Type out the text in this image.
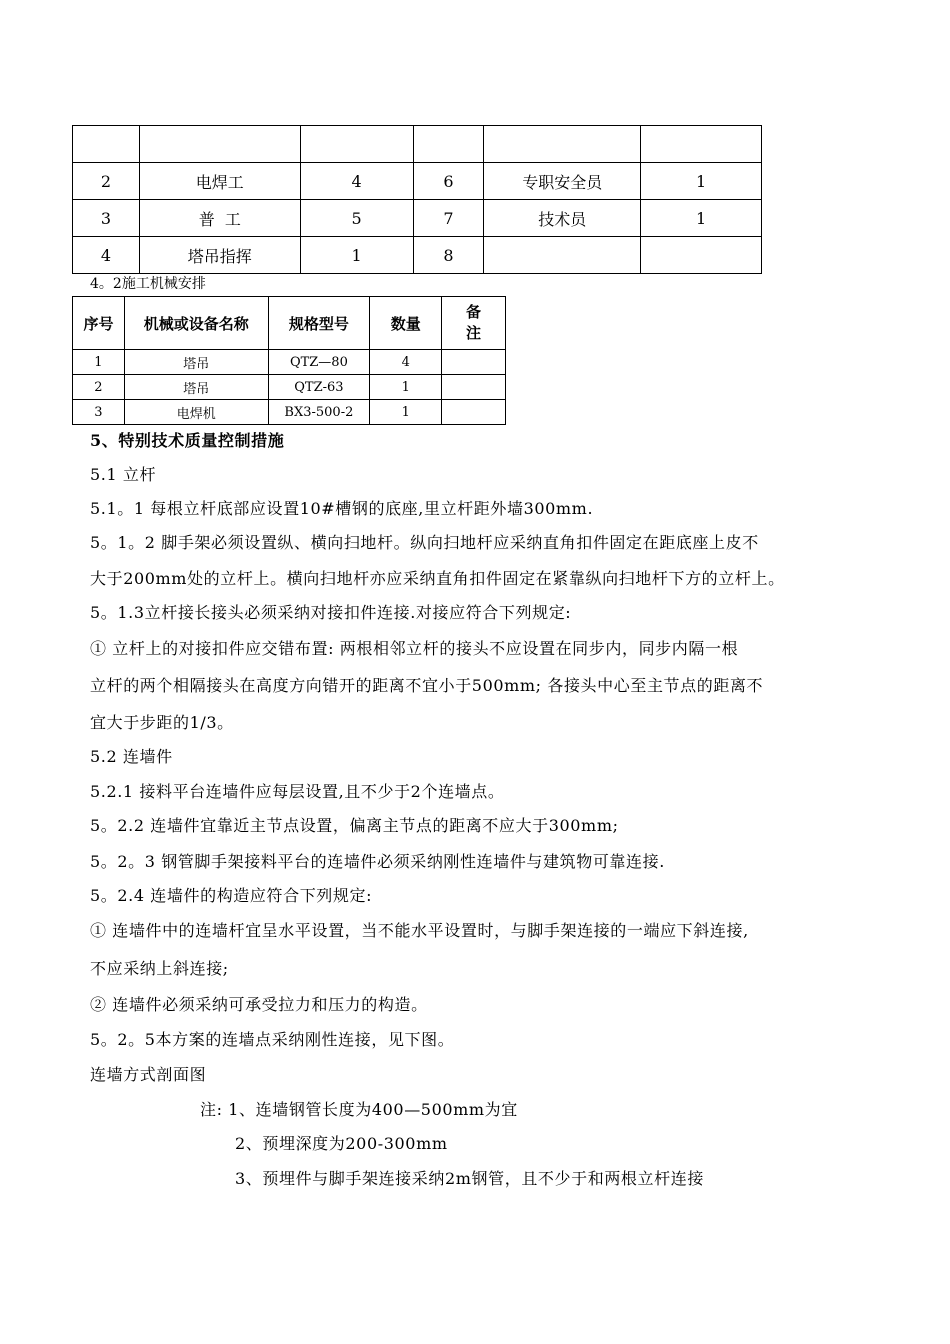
2	电焊工	4	6	专职安全员	1
3	普  工	5	7	技术员	1
4	塔吊指挥	1	8		
4。2施工机械安排
序号	机械或设备名称	规格型号	数量	备
注
1	塔吊	QTZ—80	4	
2	塔吊	QTZ-63	1	
3	电焊机	BX3-500-2	1	
5、特别技术质量控制措施
5.1 立杆
5.1。1 每根立杆底部应设置10#槽钢的底座,里立杆距外墙300mm.
5。1。2 脚手架必须设置纵、横向扫地杆。纵向扫地杆应采纳直角扣件固定在距底座上皮不
大于200mm处的立杆上。横向扫地杆亦应采纳直角扣件固定在紧靠纵向扫地杆下方的立杆上。
5。1.3立杆接长接头必须采纳对接扣件连接.对接应符合下列规定:
① 立杆上的对接扣件应交错布置: 两根相邻立杆的接头不应设置在同步内，同步内隔一根
立杆的两个相隔接头在高度方向错开的距离不宜小于500mm; 各接头中心至主节点的距离不
宜大于步距的1/3。
5.2 连墙件
5.2.1 接料平台连墙件应每层设置,且不少于2个连墙点。
5。2.2 连墙件宜靠近主节点设置，偏离主节点的距离不应大于300mm;
5。2。3 钢管脚手架接料平台的连墙件必须采纳刚性连墙件与建筑物可靠连接.
5。2.4 连墙件的构造应符合下列规定:
① 连墙件中的连墙杆宜呈水平设置，当不能水平设置时，与脚手架连接的一端应下斜连接,
不应采纳上斜连接;
② 连墙件必须采纳可承受拉力和压力的构造。
5。2。5本方案的连墙点采纳刚性连接，见下图。
连墙方式剖面图
注: 1、连墙钢管长度为400—500mm为宜
2、预埋深度为200-300mm
3、预埋件与脚手架连接采纳2m钢管，且不少于和两根立杆连接
